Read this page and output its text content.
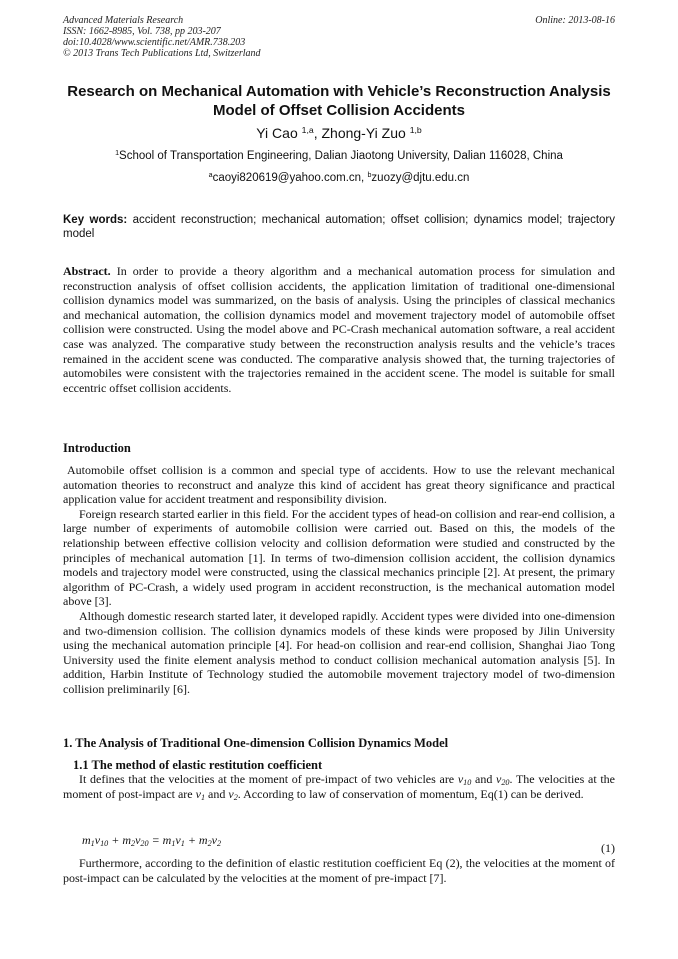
Advanced Materials Research
ISSN: 1662-8985, Vol. 738, pp 203-207
doi:10.4028/www.scientific.net/AMR.738.203
© 2013 Trans Tech Publications Ltd, Switzerland
Online: 2013-08-16
Research on Mechanical Automation with Vehicle’s Reconstruction Analysis Model of Offset Collision Accidents
Yi Cao $^{1,a}$, Zhong-Yi Zuo $^{1,b}$
$^1$School of Transportation Engineering, Dalian Jiaotong University, Dalian 116028, China
$^a$caoyi820619@yahoo.com.cn, $^b$zuozy@djtu.edu.cn
Key words: accident reconstruction; mechanical automation; offset collision; dynamics model; trajectory model
Abstract. In order to provide a theory algorithm and a mechanical automation process for simulation and reconstruction analysis of offset collision accidents, the application limitation of traditional one-dimensional collision dynamics model was summarized, on the basis of analysis. Using the principles of classical mechanics and mechanical automation, the collision dynamics model and movement trajectory model of automobile offset collision were constructed. Using the model above and PC-Crash mechanical automation software, a real accident case was analyzed. The comparative study between the reconstruction analysis results and the vehicle’s traces remained in the accident scene was conducted. The comparative analysis showed that, the turning trajectories of automobiles were consistent with the trajectories remained in the accident scene. The model is suitable for small eccentric offset collision accidents.
Introduction

Automobile offset collision is a common and special type of accidents. How to use the relevant mechanical automation theories to reconstruct and analyze this kind of accident has great theory significance and practical application value for accident treatment and responsibility division.

Foreign research started earlier in this field. For the accident types of head-on collision and rear-end collision, a large number of experiments of automobile collision were carried out. Based on this, the models of the relationship between effective collision velocity and collision deformation were studied and constructed by the principles of mechanical automation [1]. In terms of two-dimension collision accident, the collision dynamics models and trajectory model were constructed, using the classical mechanics principle [2]. At present, the primary algorithm of PC-Crash, a widely used program in accident reconstruction, is the mechanical automation model above [3].

Although domestic research started later, it developed rapidly. Accident types were divided into one-dimension and two-dimension collision. The collision dynamics models of these kinds were proposed by Jilin University using the mechanical automation principle [4]. For head-on collision and rear-end collision, Shanghai Jiao Tong University used the finite element analysis method to conduct collision mechanical automation analysis [5]. In addition, Harbin Institute of Technology studied the automobile movement trajectory model of two-dimension collision preliminarily [6].

1. The Analysis of Traditional One-dimension Collision Dynamics Model
1.1 The method of elastic restitution coefficient

It defines that the velocities at the moment of pre-impact of two vehicles are $v_{10}$ and $v_{20}$. The velocities at the moment of post-impact are $v_1$ and $v_2$. According to law of conservation of momentum, Eq(1) can be derived.

$m_1v_{10} + m_2v_{20} = m_1v_1 + m_2v_2$	(1)

Furthermore, according to the definition of elastic restitution coefficient Eq (2), the velocities at the moment of post-impact can be calculated by the velocities at the moment of pre-impact [7].
